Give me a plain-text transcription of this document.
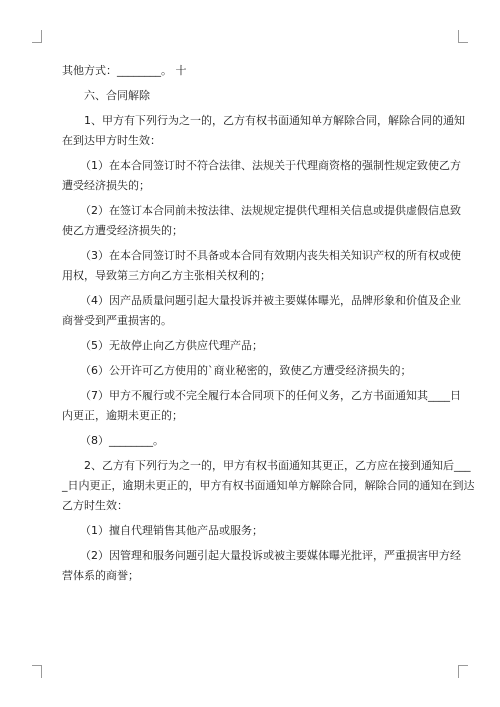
其他方式：________。 十

六、合同解除

1、甲方有下列行为之一的，乙方有权书面通知单方解除合同，解除合同的通知

在到达甲方时生效：

（1）在本合同签订时不符合法律、法规关于代理商资格的强制性规定致使乙方

遭受经济损失的；

（2）在签订本合同前未按法律、法规规定提供代理相关信息或提供虚假信息致

使乙方遭受经济损失的；

（3）在本合同签订时不具备或本合同有效期内丧失相关知识产权的所有权或使

用权，导致第三方向乙方主张相关权利的；

（4）因产品质量问题引起大量投诉并被主要媒体曝光，品牌形象和价值及企业

商誉受到严重损害的。

（5）无故停止向乙方供应代理产品；

（6）公开许可乙方使用的`商业秘密的，致使乙方遭受经济损失的；

（7）甲方不履行或不完全履行本合同项下的任何义务，乙方书面通知其____日

内更正，逾期未更正的；

（8）________。

2、乙方有下列行为之一的，甲方有权书面通知其更正，乙方应在接到通知后___

_日内更正，逾期未更正的，甲方有权书面通知单方解除合同，解除合同的通知在到达

乙方时生效：

（1）擅自代理销售其他产品或服务；

（2）因管理和服务问题引起大量投诉或被主要媒体曝光批评，严重损害甲方经

营体系的商誉；
